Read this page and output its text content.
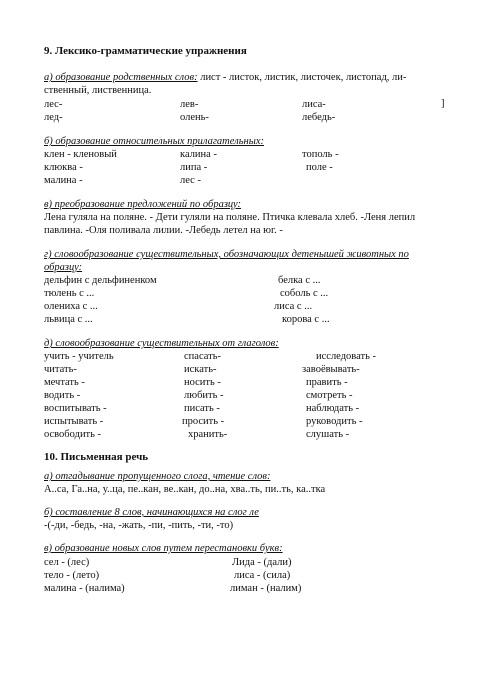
9. Лексико-грамматические упражнения
а) образование родственных слов: лист - листок, листик, листочек, листопад, ли-
ственный, лиственница.
лес-	лев-	лиса-	]
лед-	олень-	лебедь-
б) образование относительных прилагательных:
клен - кленовый	калина -	тополь -
клюква -	липа -	поле -
малина -	лес -
в) преобразование предложений по образцу:
Лена гуляла на поляне. - Дети гуляли на поляне. Птичка клевала хлеб. -Леня лепил
павлина. -Оля поливала лилии. -Лебедь летел на юг. -
г) словообразование существительных, обозначающих детенышей животных по
образцу:
дельфин с дельфиненком	белка с ...
тюлень с ...	соболь с ...
олениха с ...	лиса с ...
львица с ...	корова с ...
д) словообразование существительных от глаголов:
учить - учитель	спасать-	исследовать -
читать-	искать-	завоёвывать-
мечтать -	носить -	править -
водить -	любить -	смотреть -
воспитывать -	писать -	наблюдать -
испытывать -	просить -	руководить -
освободить -	хранить-	слушать -
10. Письменная речь
а) отгадывание пропущенного слога, чтение слов:
А..са, Га..на, у..ца, пе..кан, ве..кан, до..на, хва..ть, пи..ть, ка..тка
б) составление 8 слов, начинающихся на слог ле
-(-ди, -бедь, -на, -жать, -пи, -пить, -ти, -то)
в) образование новых слов путем перестановки букв:
сел - (лес)	Лида - (дали)
тело - (лето)	лиса - (сила)
малина - (налима)	лиман - (налим)
